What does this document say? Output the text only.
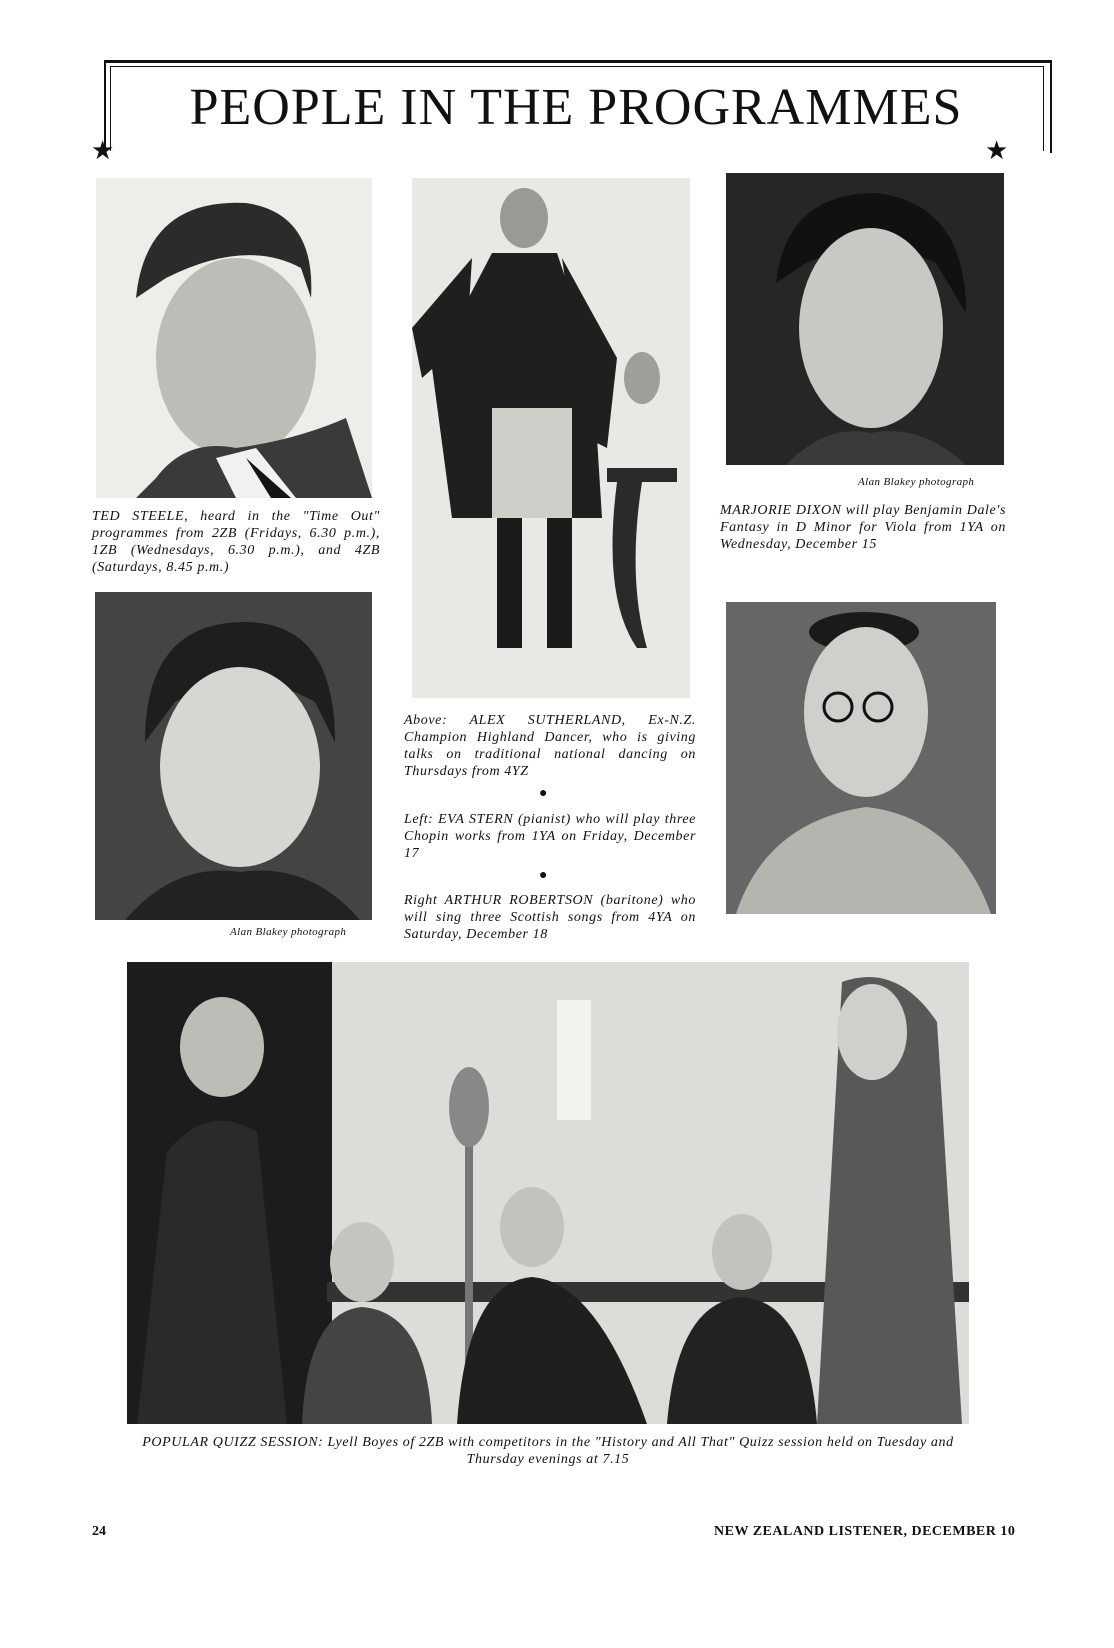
PEOPLE IN THE PROGRAMMES
★	★

TED STEELE, heard in the "Time Out" programmes from 2ZB (Fridays, 6.30 p.m.), 1ZB (Wednesdays, 6.30 p.m.), and 4ZB (Saturdays, 8.45 p.m.)

Alan Blakey photograph

MARJORIE DIXON will play Benjamin Dale's Fantasy in D Minor for Viola from 1YA on Wednesday, December 15

Alan Blakey photograph

Above: ALEX SUTHERLAND, Ex-N.Z. Champion Highland Dancer, who is giving talks on traditional national dancing on Thursdays from 4YZ

●

Left: EVA STERN (pianist) who will play three Chopin works from 1YA on Friday, December 17

●

Right ARTHUR ROBERTSON (baritone) who will sing three Scottish songs from 4YA on Saturday, December 18

POPULAR QUIZZ SESSION: Lyell Boyes of 2ZB with competitors in the "History and All That" Quizz session held on Tuesday and Thursday evenings at 7.15

24	NEW ZEALAND LISTENER, DECEMBER 10
